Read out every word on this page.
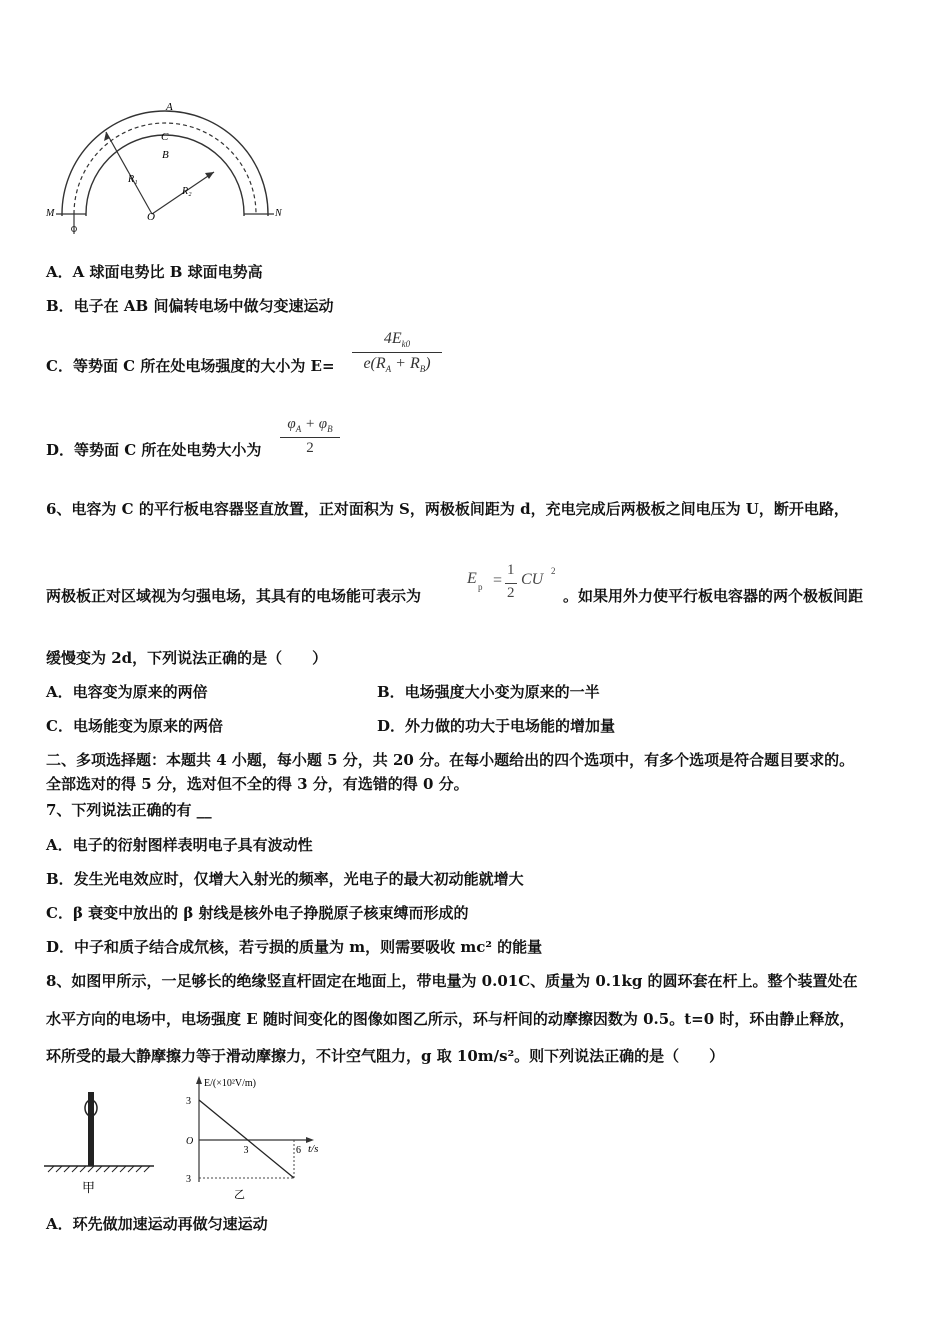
A
C
B
R₁
R₂
O
M	N
A．A 球面电势比 B 球面电势高
B．电子在 AB 间偏转电场中做匀变速运动
C．等势面 C 所在处电场强度的大小为 E=
$4E_{k0}$
$e(R_A + R_B)$
D．等势面 C 所在处电势大小为
$\varphi_A + \varphi_B$
2
6、电容为 C 的平行板电容器竖直放置，正对面积为 S，两极板间距为 d，充电完成后两极板之间电压为 U，断开电路，
两极板正对区域视为匀强电场，其具有的电场能可表示为
E p =
1
2
CU 2
。如果用外力使平行板电容器的两个极板间距
缓慢变为 2d，下列说法正确的是（　　）
A．电容变为原来的两倍	B．电场强度大小变为原来的一半
C．电场能变为原来的两倍	D．外力做的功大于电场能的增加量
二、多项选择题：本题共 4 小题，每小题 5 分，共 20 分。在每小题给出的四个选项中，有多个选项是符合题目要求的。
全部选对的得 5 分，选对但不全的得 3 分，有选错的得 0 分。
7、下列说法正确的有 __
A．电子的衍射图样表明电子具有波动性
B．发生光电效应时，仅增大入射光的频率，光电子的最大初动能就增大
C．β 衰变中放出的 β 射线是核外电子挣脱原子核束缚而形成的
D．中子和质子结合成氘核，若亏损的质量为 m，则需要吸收 mc² 的能量
8、如图甲所示，一足够长的绝缘竖直杆固定在地面上，带电量为 0.01C、质量为 0.1kg 的圆环套在杆上。整个装置处在
水平方向的电场中，电场强度 E 随时间变化的图像如图乙所示，环与杆间的动摩擦因数为 0.5。t=0 时，环由静止释放，
环所受的最大静摩擦力等于滑动摩擦力，不计空气阻力，g 取 10m/s²。则下列说法正确的是（　　）
甲
E/(×10²V/m)
t/s
O
3
3
3	6
乙
A．环先做加速运动再做匀速运动
